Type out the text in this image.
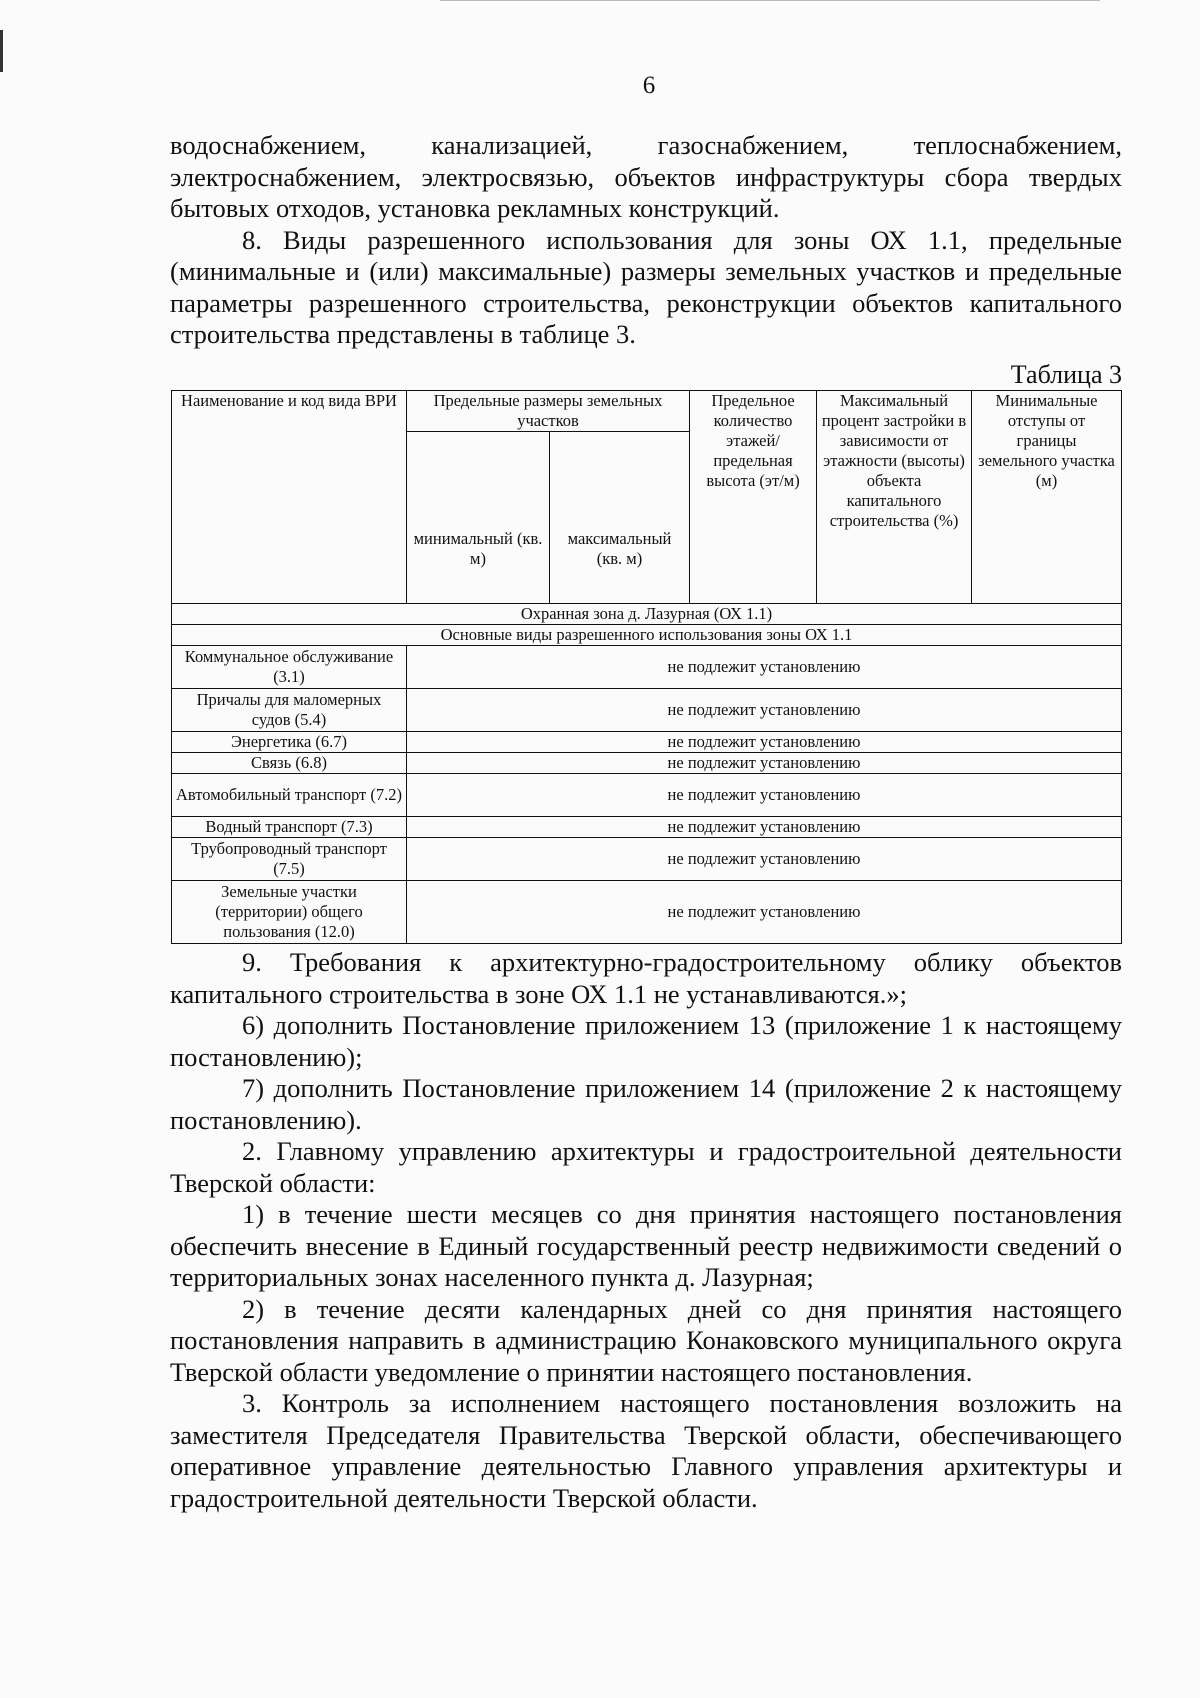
6

водоснабжением, канализацией, газоснабжением, теплоснабжением, электроснабжением, электросвязью, объектов инфраструктуры сбора твердых бытовых отходов, установка рекламных конструкций.

8. Виды разрешенного использования для зоны ОХ 1.1, предельные (минимальные и (или) максимальные) размеры земельных участков и предельные параметры разрешенного строительства, реконструкции объектов капитального строительства представлены в таблице 3.

Таблица 3
Наименование и код вида ВРИ	Предельные размеры земельных участков		Предельное количество этажей/ предельная высота (эт/м)	Максимальный процент застройки в зависимости от этажности (высоты) объекта капитального строительства (%)	Минимальные отступы от границы земельного участка (м)
	минимальный (кв. м)	максимальный (кв. м)			
Охранная зона д. Лазурная (ОХ 1.1)					
Основные виды разрешенного использования зоны ОХ 1.1					
Коммунальное обслуживание (3.1)	не подлежит установлению				
Причалы для маломерных судов (5.4)	не подлежит установлению				
Энергетика (6.7)	не подлежит установлению				
Связь (6.8)	не подлежит установлению				
Автомобильный транспорт (7.2)	не подлежит установлению				
Водный транспорт (7.3)	не подлежит установлению				
Трубопроводный транспорт (7.5)	не подлежит установлению				
Земельные участки (территории) общего пользования (12.0)	не подлежит установлению				

9. Требования к архитектурно-градостроительному облику объектов капитального строительства в зоне ОХ 1.1 не устанавливаются.»;

6) дополнить Постановление приложением 13 (приложение 1 к настоящему постановлению);

7) дополнить Постановление приложением 14 (приложение 2 к настоящему постановлению).

2. Главному управлению архитектуры и градостроительной деятельности Тверской области:

1) в течение шести месяцев со дня принятия настоящего постановления обеспечить внесение в Единый государственный реестр недвижимости сведений о территориальных зонах населенного пункта д. Лазурная;

2) в течение десяти календарных дней со дня принятия настоящего постановления направить в администрацию Конаковского муниципального округа Тверской области уведомление о принятии настоящего постановления.

3. Контроль за исполнением настоящего постановления возложить на заместителя Председателя Правительства Тверской области, обеспечивающего оперативное управление деятельностью Главного управления архитектуры и градостроительной деятельности Тверской области.
